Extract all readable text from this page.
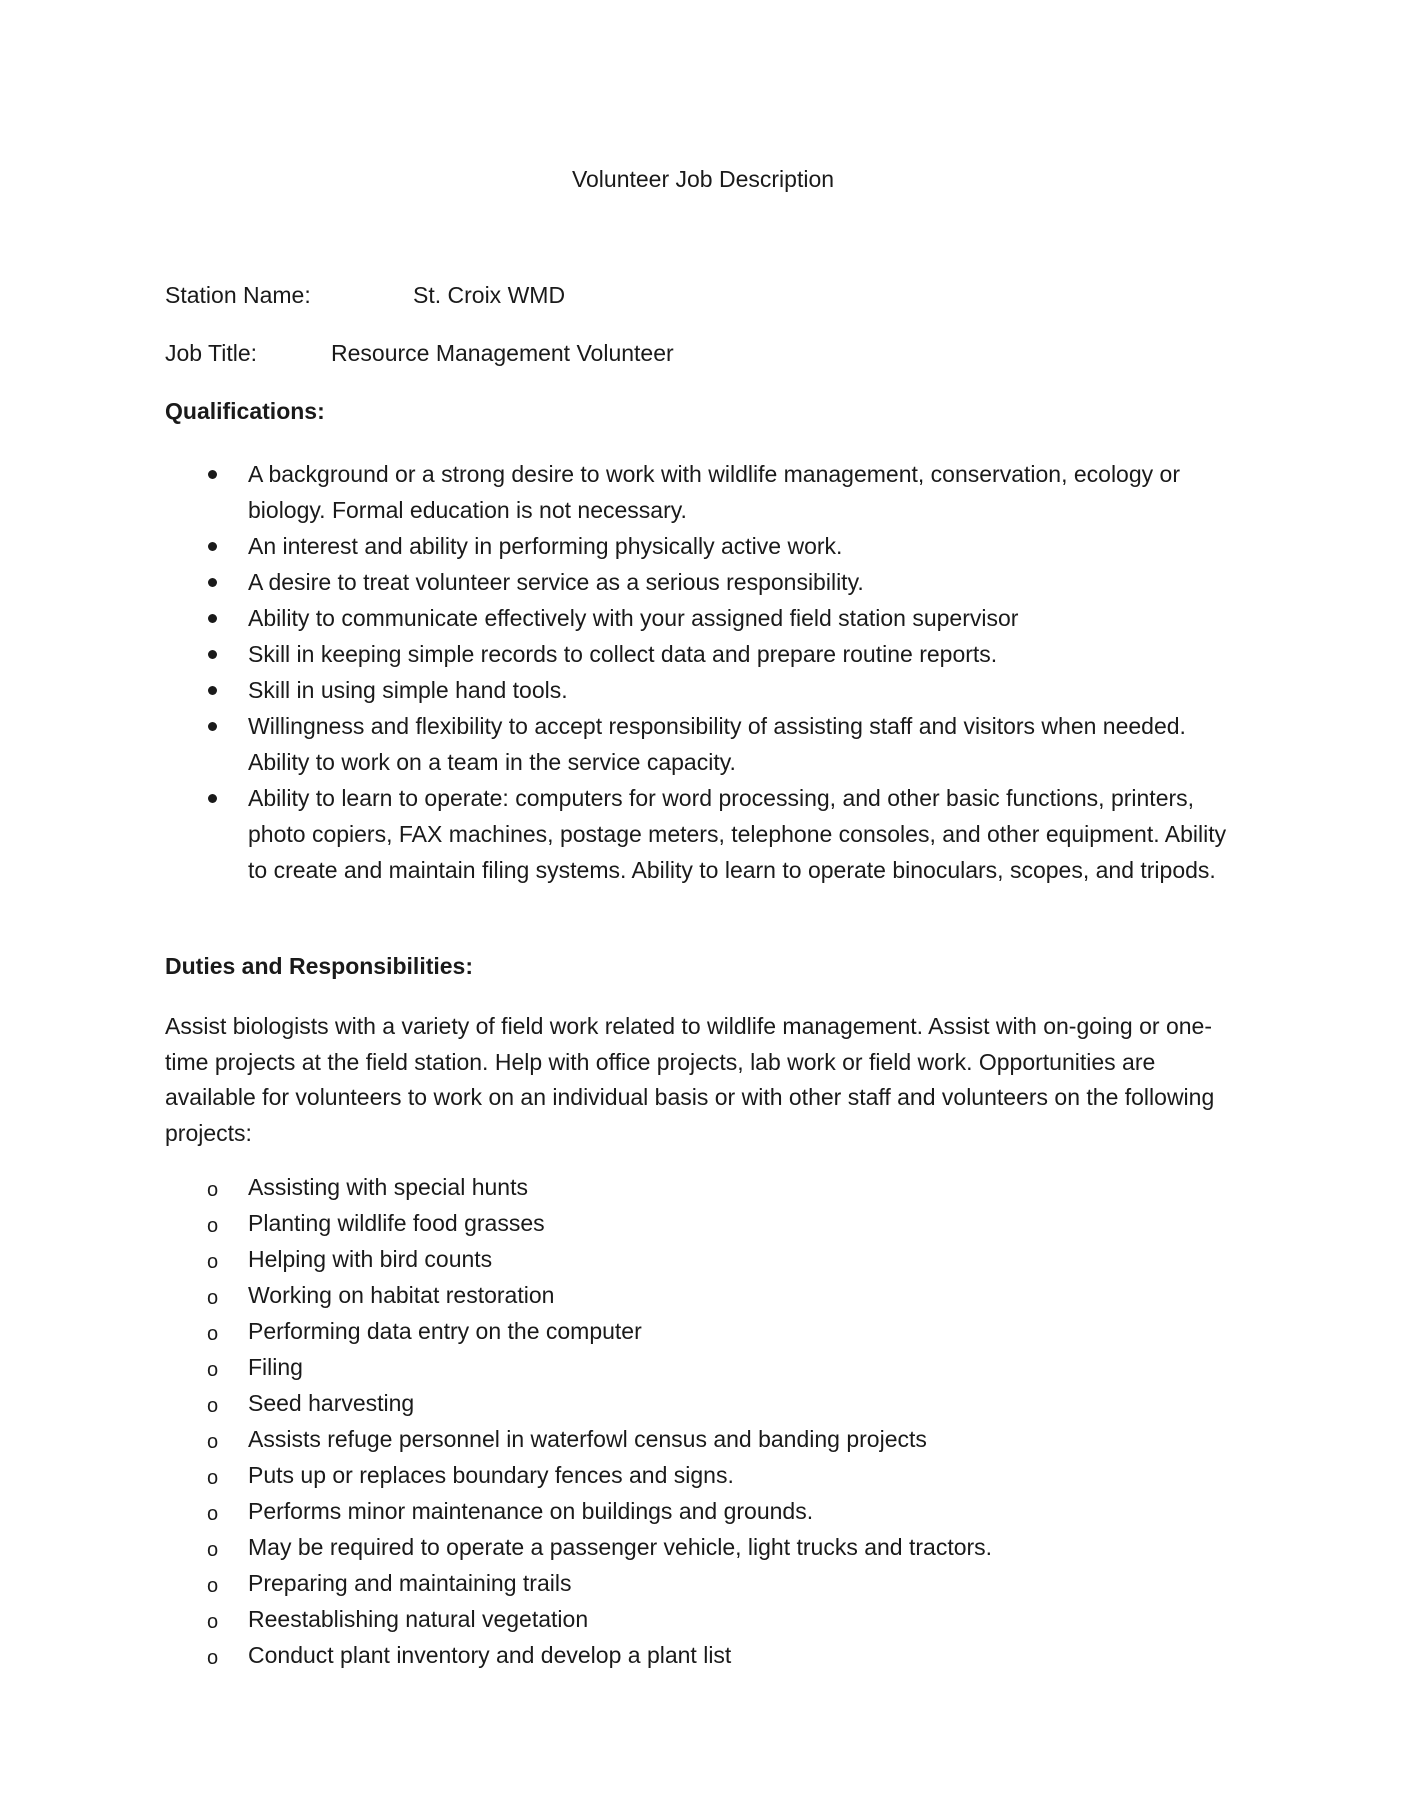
Volunteer Job Description
Station Name:	St. Croix WMD
Job Title:	Resource Management Volunteer
Qualifications:
A background or a strong desire to work with wildlife management, conservation, ecology or biology. Formal education is not necessary.
An interest and ability in performing physically active work.
A desire to treat volunteer service as a serious responsibility.
Ability to communicate effectively with your assigned field station supervisor
Skill in keeping simple records to collect data and prepare routine reports.
Skill in using simple hand tools.
Willingness and flexibility to accept responsibility of assisting staff and visitors when needed. Ability to work on a team in the service capacity.
Ability to learn to operate: computers for word processing, and other basic functions, printers, photo copiers, FAX machines, postage meters, telephone consoles, and other equipment. Ability to create and maintain filing systems. Ability to learn to operate binoculars, scopes, and tripods.
Duties and Responsibilities:
Assist biologists with a variety of field work related to wildlife management. Assist with on-going or one-time projects at the field station. Help with office projects, lab work or field work. Opportunities are available for volunteers to work on an individual basis or with other staff and volunteers on the following projects:
o Assisting with special hunts
o Planting wildlife food grasses
o Helping with bird counts
o Working on habitat restoration
o Performing data entry on the computer
o Filing
o Seed harvesting
o Assists refuge personnel in waterfowl census and banding projects
o Puts up or replaces boundary fences and signs.
o Performs minor maintenance on buildings and grounds.
o May be required to operate a passenger vehicle, light trucks and tractors.
o Preparing and maintaining trails
o Reestablishing natural vegetation
o Conduct plant inventory and develop a plant list
